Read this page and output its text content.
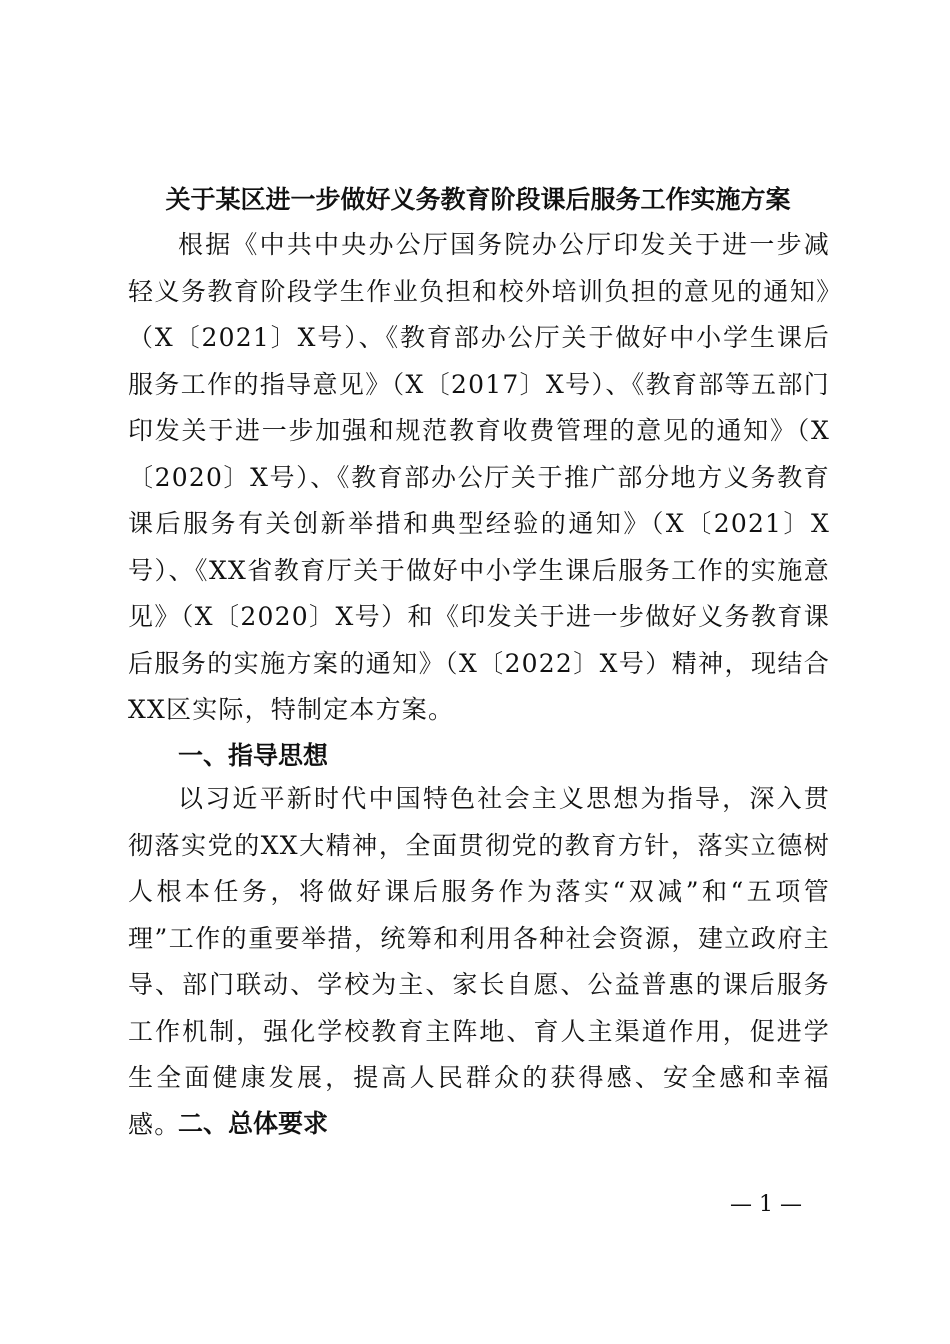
关于某区进一步做好义务教育阶段课后服务工作实施方案

根据《中共中央办公厅国务院办公厅印发关于进一步减轻义务教育阶段学生作业负担和校外培训负担的意见的通知》（X〔2021〕X号）、《教育部办公厅关于做好中小学生课后服务工作的指导意见》（X〔2017〕X号）、《教育部等五部门印发关于进一步加强和规范教育收费管理的意见的通知》（X〔2020〕X号）、《教育部办公厅关于推广部分地方义务教育课后服务有关创新举措和典型经验的通知》（X〔2021〕X号）、《XX省教育厅关于做好中小学生课后服务工作的实施意见》（X〔2020〕X号）和《印发关于进一步做好义务教育课后服务的实施方案的通知》（X〔2022〕X号）精神，现结合XX区实际，特制定本方案。

一、指导思想

以习近平新时代中国特色社会主义思想为指导，深入贯彻落实党的XX大精神，全面贯彻党的教育方针，落实立德树人根本任务，将做好课后服务作为落实“双减”和“五项管理”工作的重要举措，统筹和利用各种社会资源，建立政府主导、部门联动、学校为主、家长自愿、公益普惠的课后服务工作机制，强化学校教育主阵地、育人主渠道作用，促进学生全面健康发展，提高人民群众的获得感、安全感和幸福感。

二、总体要求
— 1 —
